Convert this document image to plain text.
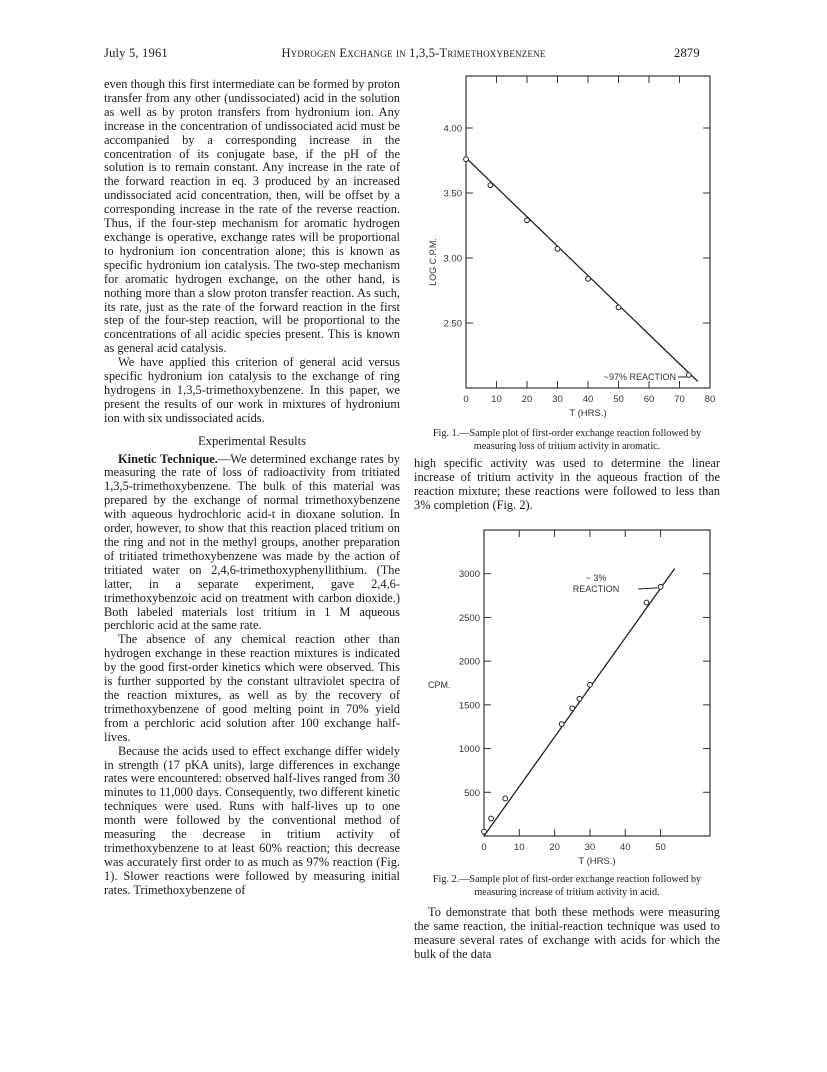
July 5, 1961	Hydrogen Exchange in 1,3,5-Trimethoxybenzene	2879

even though this first intermediate can be formed by proton transfer from any other (undissociated) acid in the solution as well as by proton transfers from hydronium ion. Any increase in the concentration of undissociated acid must be accompanied by a corresponding increase in the concentration of its conjugate base, if the pH of the solution is to remain constant. Any increase in the rate of the forward reaction in eq. 3 produced by an increased undissociated acid concentration, then, will be offset by a corresponding increase in the rate of the reverse reaction. Thus, if the four-step mechanism for aromatic hydrogen exchange is operative, exchange rates will be proportional to hydronium ion concentration alone; this is known as specific hydronium ion catalysis. The two-step mechanism for aromatic hydrogen exchange, on the other hand, is nothing more than a slow proton transfer reaction. As such, its rate, just as the rate of the forward reaction in the first step of the four-step reaction, will be proportional to the concentrations of all acidic species present. This is known as general acid catalysis.

We have applied this criterion of general acid versus specific hydronium ion catalysis to the exchange of ring hydrogens in 1,3,5-trimethoxybenzene. In this paper, we present the results of our work in mixtures of hydronium ion with six undissociated acids.

Experimental Results

Kinetic Technique.—We determined exchange rates by measuring the rate of loss of radioactivity from tritiated 1,3,5-trimethoxybenzene. The bulk of this material was prepared by the exchange of normal trimethoxybenzene with aqueous hydrochloric acid-t in dioxane solution. In order, however, to show that this reaction placed tritium on the ring and not in the methyl groups, another preparation of tritiated trimethoxybenzene was made by the action of tritiated water on 2,4,6-trimethoxyphenyllithium. (The latter, in a separate experiment, gave 2,4,6-trimethoxybenzoic acid on treatment with carbon dioxide.) Both labeled materials lost tritium in 1 M aqueous perchloric acid at the same rate.

The absence of any chemical reaction other than hydrogen exchange in these reaction mixtures is indicated by the good first-order kinetics which were observed. This is further supported by the constant ultraviolet spectra of the reaction mixtures, as well as by the recovery of trimethoxybenzene of good melting point in 70% yield from a perchloric acid solution after 100 exchange half-lives.

Because the acids used to effect exchange differ widely in strength (17 pKA units), large differences in exchange rates were encountered: observed half-lives ranged from 30 minutes to 11,000 days. Consequently, two different kinetic techniques were used. Runs with half-lives up to one month were followed by the conventional method of measuring the decrease in tritium activity of trimethoxybenzene to at least 60% reaction; this decrease was accurately first order to as much as 97% reaction (Fig. 1). Slower reactions were followed by measuring initial rates. Trimethoxybenzene of

0 10 20 30 40 50 60 70 80
2.50
3.00
3.50
4.00
T (HRS.)
LOG C.P.M.
~97% REACTION
Fig. 1.—Sample plot of first-order exchange reaction followed by measuring loss of tritium activity in aromatic.

high specific activity was used to determine the linear increase of tritium activity in the aqueous fraction of the reaction mixture; these reactions were followed to less than 3% completion (Fig. 2).

0	10	20	30	40	50
500
1000
1500
2000
2500
3000
T (HRS.)
CPM.
~ 3%
REACTION
Fig. 2.—Sample plot of first-order exchange reaction followed by measuring increase of tritium activity in acid.

To demonstrate that both these methods were measuring the same reaction, the initial-reaction technique was used to measure several rates of exchange with acids for which the bulk of the data
